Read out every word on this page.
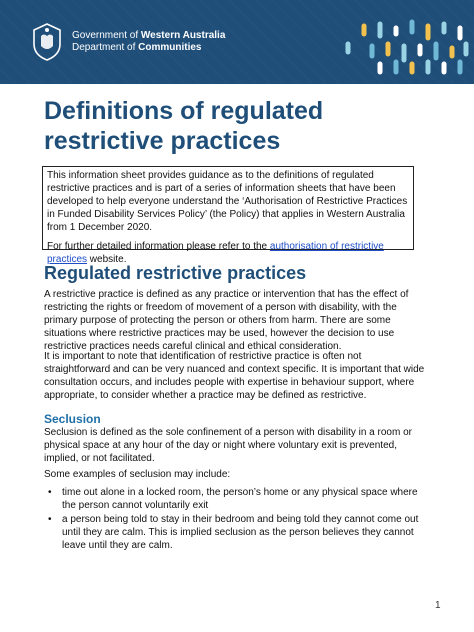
Government of Western Australia
Department of Communities
Definitions of regulated
restrictive practices

This information sheet provides guidance as to the definitions of regulated restrictive practices and is part of a series of information sheets that have been developed to help everyone understand the ‘Authorisation of Restrictive Practices in Funded Disability Services Policy’ (the Policy) that applies in Western Australia from 1 December 2020.

For further detailed information please refer to the authorisation of restrictive practices website.

Regulated restrictive practices
A restrictive practice is defined as any practice or intervention that has the effect of restricting the rights or freedom of movement of a person with disability, with the primary purpose of protecting the person or others from harm. There are some situations where restrictive practices may be used, however the decision to use restrictive practices needs careful clinical and ethical consideration.
It is important to note that identification of restrictive practice is often not straightforward and can be very nuanced and context specific. It is important that wide consultation occurs, and includes people with expertise in behaviour support, where appropriate, to consider whether a practice may be defined as restrictive.
Seclusion
Seclusion is defined as the sole confinement of a person with disability in a room or physical space at any hour of the day or night where voluntary exit is prevented, implied, or not facilitated.
Some examples of seclusion may include:
• time out alone in a locked room, the person’s home or any physical space where the person cannot voluntarily exit
• a person being told to stay in their bedroom and being told they cannot come out until they are calm. This is implied seclusion as the person believes they cannot leave until they are calm.
1
